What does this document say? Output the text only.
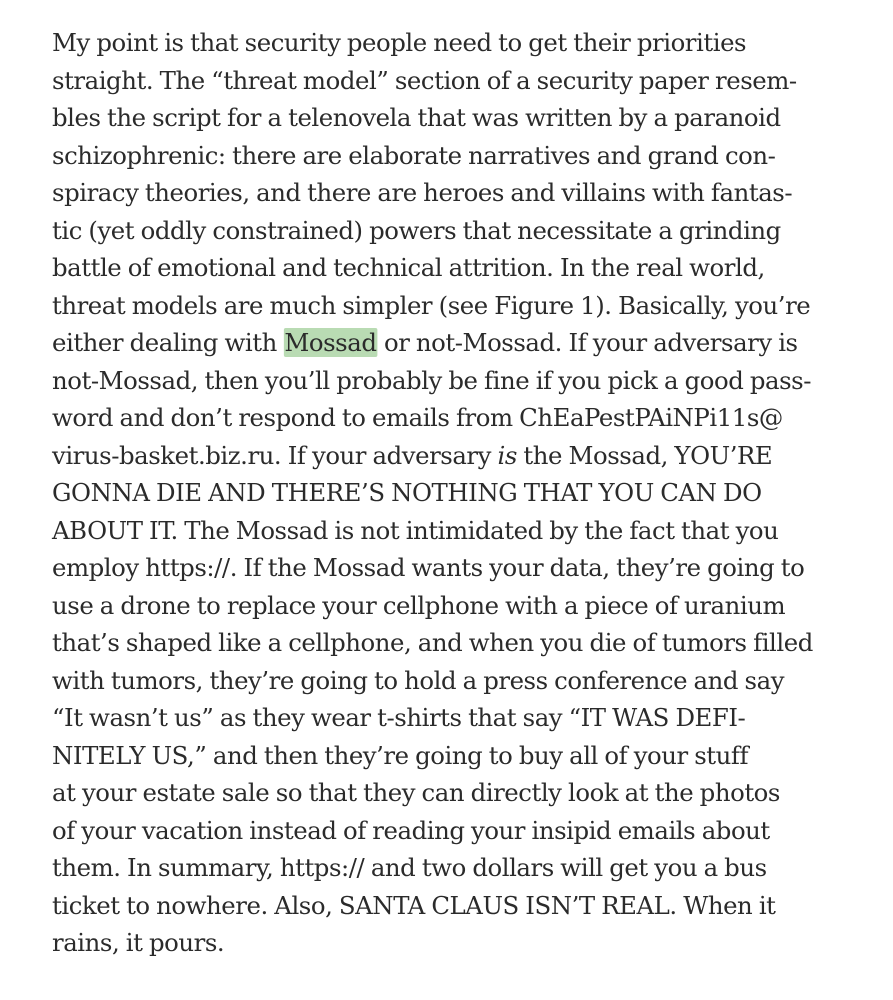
My point is that security people need to get their priorities
straight. The “threat model” section of a security paper resem-
bles the script for a telenovela that was written by a paranoid
schizophrenic: there are elaborate narratives and grand con-
spiracy theories, and there are heroes and villains with fantas-
tic (yet oddly constrained) powers that necessitate a grinding
battle of emotional and technical attrition. In the real world,
threat models are much simpler (see Figure 1). Basically, you’re
either dealing with Mossad or not-Mossad. If your adversary is
not-Mossad, then you’ll probably be fine if you pick a good pass-
word and don’t respond to emails from ChEaPestPAiNPi11s@
virus-basket.biz.ru. If your adversary is the Mossad, YOU’RE
GONNA DIE AND THERE’S NOTHING THAT YOU CAN DO
ABOUT IT. The Mossad is not intimidated by the fact that you
employ https://. If the Mossad wants your data, they’re going to
use a drone to replace your cellphone with a piece of uranium
that’s shaped like a cellphone, and when you die of tumors filled
with tumors, they’re going to hold a press conference and say
“It wasn’t us” as they wear t-shirts that say “IT WAS DEFI-
NITELY US,” and then they’re going to buy all of your stuff
at your estate sale so that they can directly look at the photos
of your vacation instead of reading your insipid emails about
them. In summary, https:// and two dollars will get you a bus
ticket to nowhere. Also, SANTA CLAUS ISN’T REAL. When it
rains, it pours.
